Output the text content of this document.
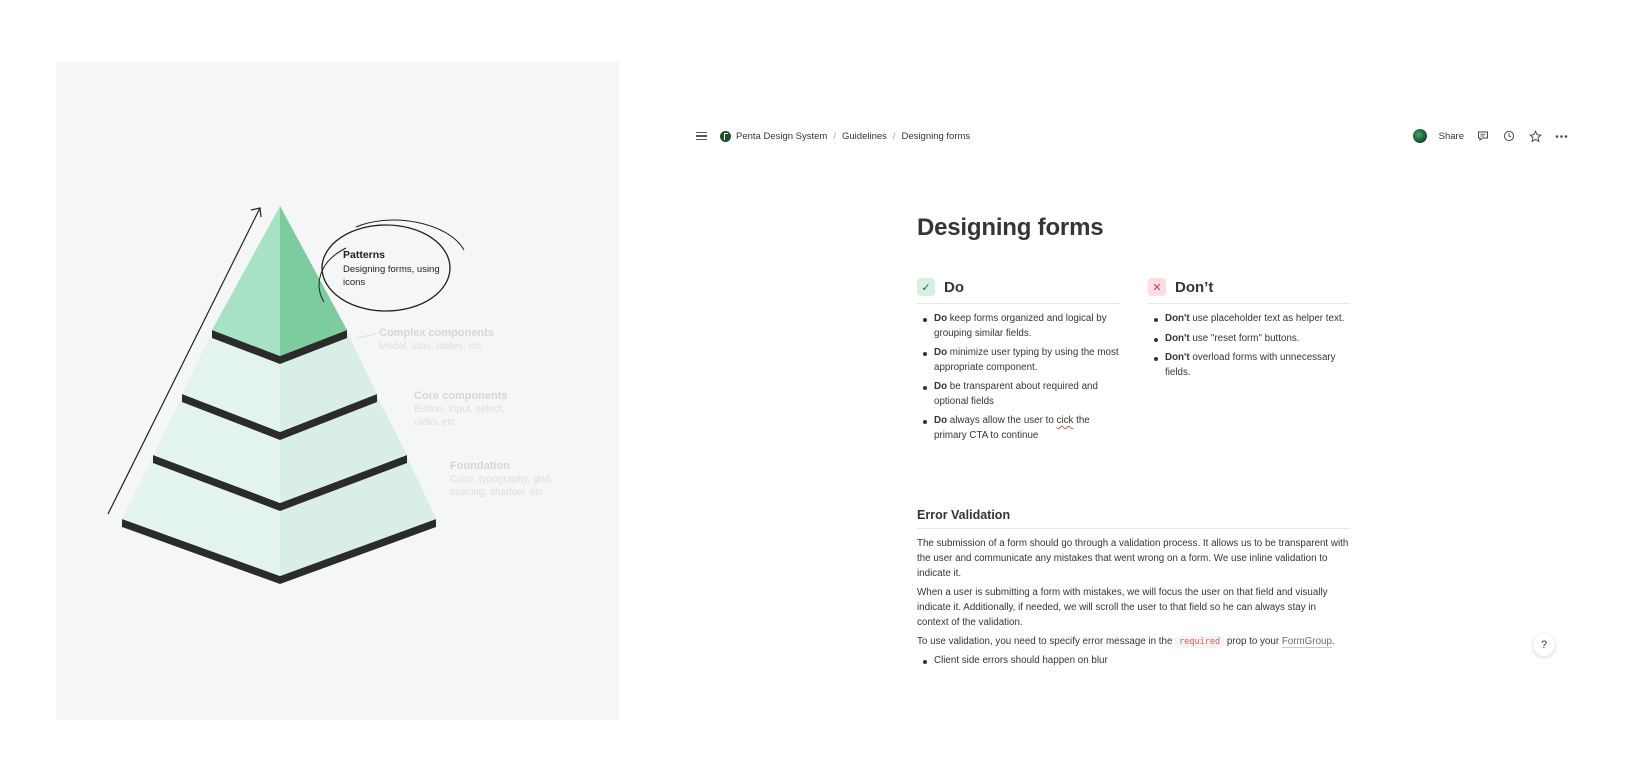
Patterns
Designing forms, using
icons
Complex components
Modal, tabs, tables, etc
Core components
Button, input, select,
radio, etc
Foundation
Color, typography, grid,
spacing, shadow, etc
Penta Design System / Guidelines / Designing forms	Share
Designing forms
✓ Do
Do keep forms organized and logical by grouping similar fields.
Do minimize user typing by using the most appropriate component.
Do be transparent about required and optional fields
Do always allow the user to cick the primary CTA to continue
✕ Don’t
Don't use placeholder text as helper text.
Don't use "reset form" buttons.
Don't overload forms with unnecessary fields.
Error Validation

The submission of a form should go through a validation process. It allows us to be transparent with the user and communicate any mistakes that went wrong on a form. We use inline validation to indicate it.

When a user is submitting a form with mistakes, we will focus the user on that field and visually indicate it. Additionally, if needed, we will scroll the user to that field so he can always stay in context of the validation.

To use validation, you need to specify error message in the required prop to your FormGroup.

Client side errors should happen on blur
?
